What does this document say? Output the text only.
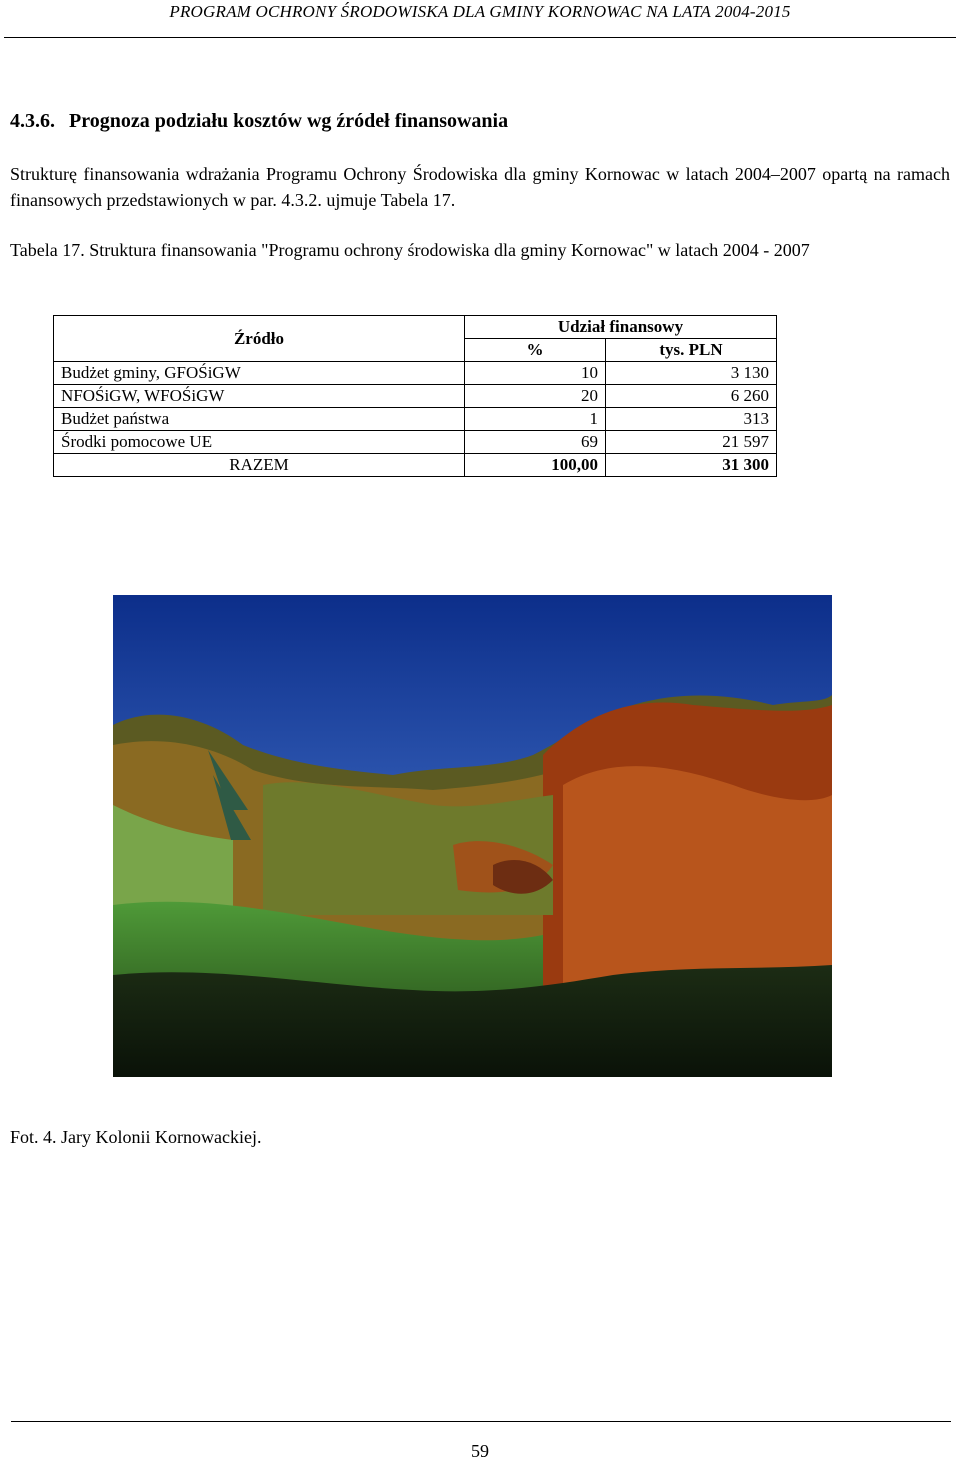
PROGRAM OCHRONY ŚRODOWISKA DLA GMINY KORNOWAC NA LATA 2004-2015
4.3.6. Prognoza podziału kosztów wg źródeł finansowania
Strukturę finansowania wdrażania Programu Ochrony Środowiska dla gminy Kornowac w latach 2004–2007 opartą na ramach finansowych przedstawionych w par. 4.3.2. ujmuje Tabela 17.
Tabela 17. Struktura finansowania "Programu ochrony środowiska dla gminy Kornowac" w latach 2004 - 2007
Źródło	Udział finansowy	
	%	tys. PLN
Budżet gminy, GFOŚiGW	10	3 130
NFOŚiGW, WFOŚiGW	20	6 260
Budżet państwa	1	313
Środki pomocowe UE	69	21 597
RAZEM	100,00	31 300
Fot. 4. Jary Kolonii Kornowackiej.
59
